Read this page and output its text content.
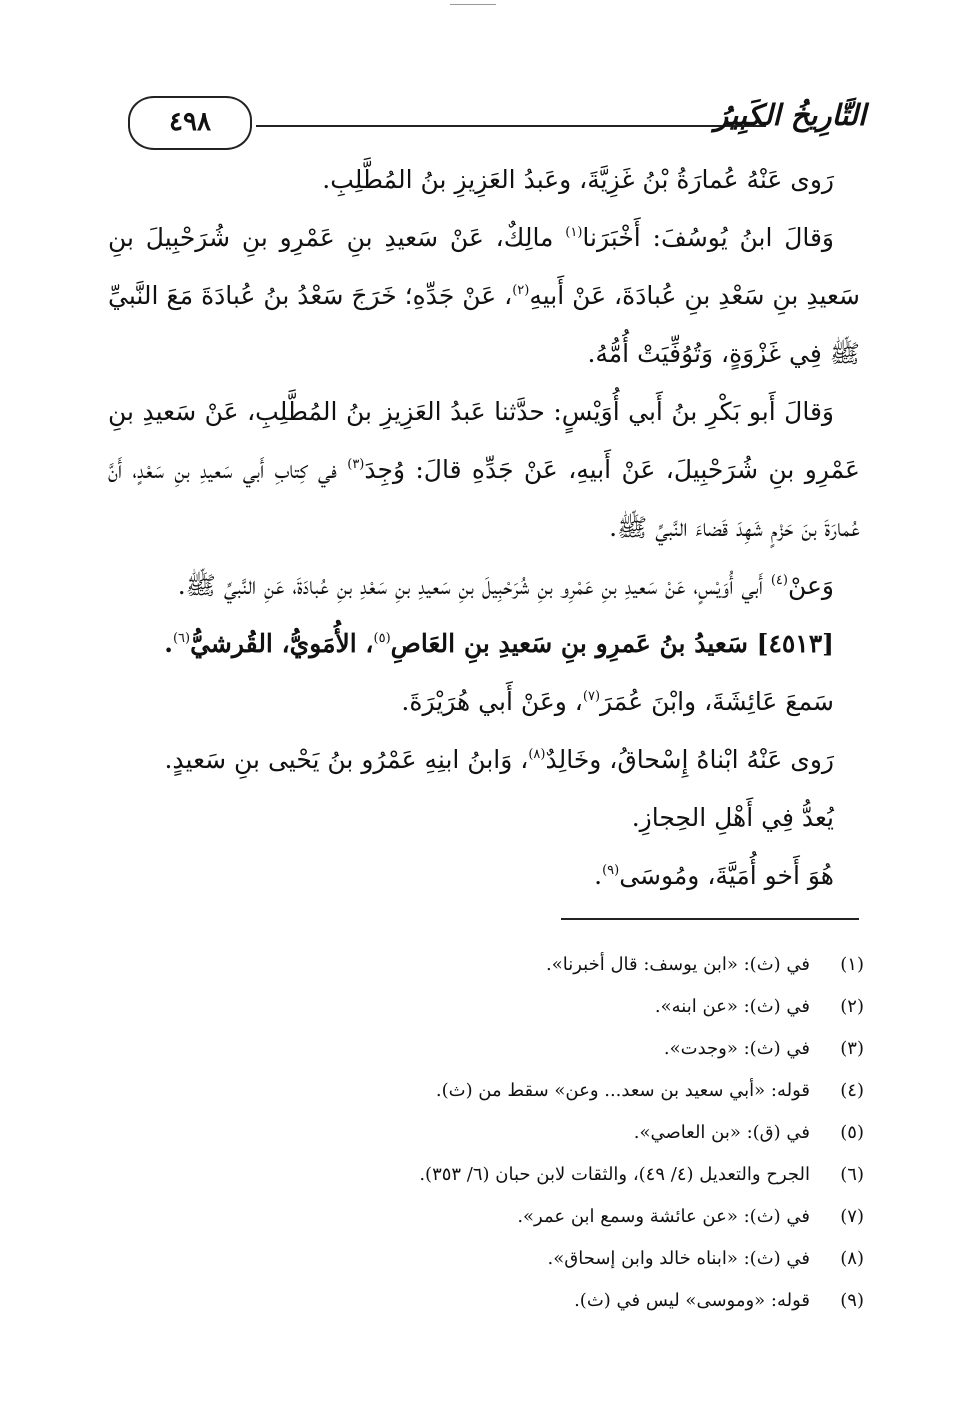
٤٩٨	التَّارِيخُ الكَبِيرُ

رَوى عَنْهُ عُمارَةُ بْنُ غَزِيَّةَ، وعَبدُ العَزِيزِ بنُ المُطَّلِبِ.

وَقالَ ابنُ يُوسُفَ: أَخْبَرَنا$^{(١)}$ مالِكٌ، عَنْ سَعيدِ بنِ عَمْرِو بنِ شُرَحْبِيلَ بنِ سَعيدِ بنِ سَعْدِ بنِ عُبادَةَ، عَنْ أَبيهِ$^{(٢)}$، عَنْ جَدِّهِ؛ خَرَجَ سَعْدُ بنُ عُبادَةَ مَعَ النَّبيِّ ﷺ فِي غَزْوَةٍ، وَتُوُفِّيَتْ أُمُّهُ.

وَقالَ أَبو بَكْرِ بنُ أَبي أُوَيْسٍ: حدَّثنا عَبدُ العَزِيزِ بنُ المُطَّلِبِ، عَنْ سَعيدِ بنِ عَمْرِو بنِ شُرَحْبِيلَ، عَنْ أَبيهِ، عَنْ جَدِّهِ قالَ: وُجِدَ$^{(٣)}$ في كِتابِ أَبي سَعيدِ بنِ سَعْدٍ، أَنَّ عُمارَةَ بنَ حَزْمٍ شَهِدَ قَضاءَ النَّبيِّ ﷺ.

وَعنْ$^{(٤)}$ أَبي أُوَيْسٍ، عَنْ سَعيدِ بنِ عَمْرِو بنِ شُرَحْبِيلَ بنِ سَعيدِ بنِ سَعْدِ بنِ عُبادَةَ، عَنِ النَّبيِّ ﷺ.

[٤٥١٣] سَعيدُ بنُ عَمرِو بنِ سَعيدِ بنِ العَاصِ$^{(٥)}$، الأُمَويُّ، القُرشيُّ$^{(٦)}$.

سَمعَ عَائِشَةَ، وابْنَ عُمَرَ$^{(٧)}$، وعَنْ أَبي هُرَيْرَةَ.

رَوى عَنْهُ ابْناهُ إِسْحاقُ، وخَالِدٌ$^{(٨)}$، وَابنُ ابنِهِ عَمْرُو بنُ يَحْيى بنِ سَعيدٍ.

يُعدُّ فِي أَهْلِ الحِجازِ.

هُوَ أَخو أُمَيَّةَ، ومُوسَى$^{(٩)}$.

(١)
في (ث): «ابن يوسف: قال أخبرنا».
(٢)
في (ث): «عن ابنه».
(٣)
في (ث): «وجدت».
(٤)
قوله: «أبي سعيد بن سعد... وعن» سقط من (ث).
(٥)
في (ق): «بن العاصي».
(٦)
الجرح والتعديل (٤/ ٤٩)، والثقات لابن حبان (٦/ ٣٥٣).
(٧)
في (ث): «عن عائشة وسمع ابن عمر».
(٨)
في (ث): «ابناه خالد وابن إسحاق».
(٩)
قوله: «وموسى» ليس في (ث).
